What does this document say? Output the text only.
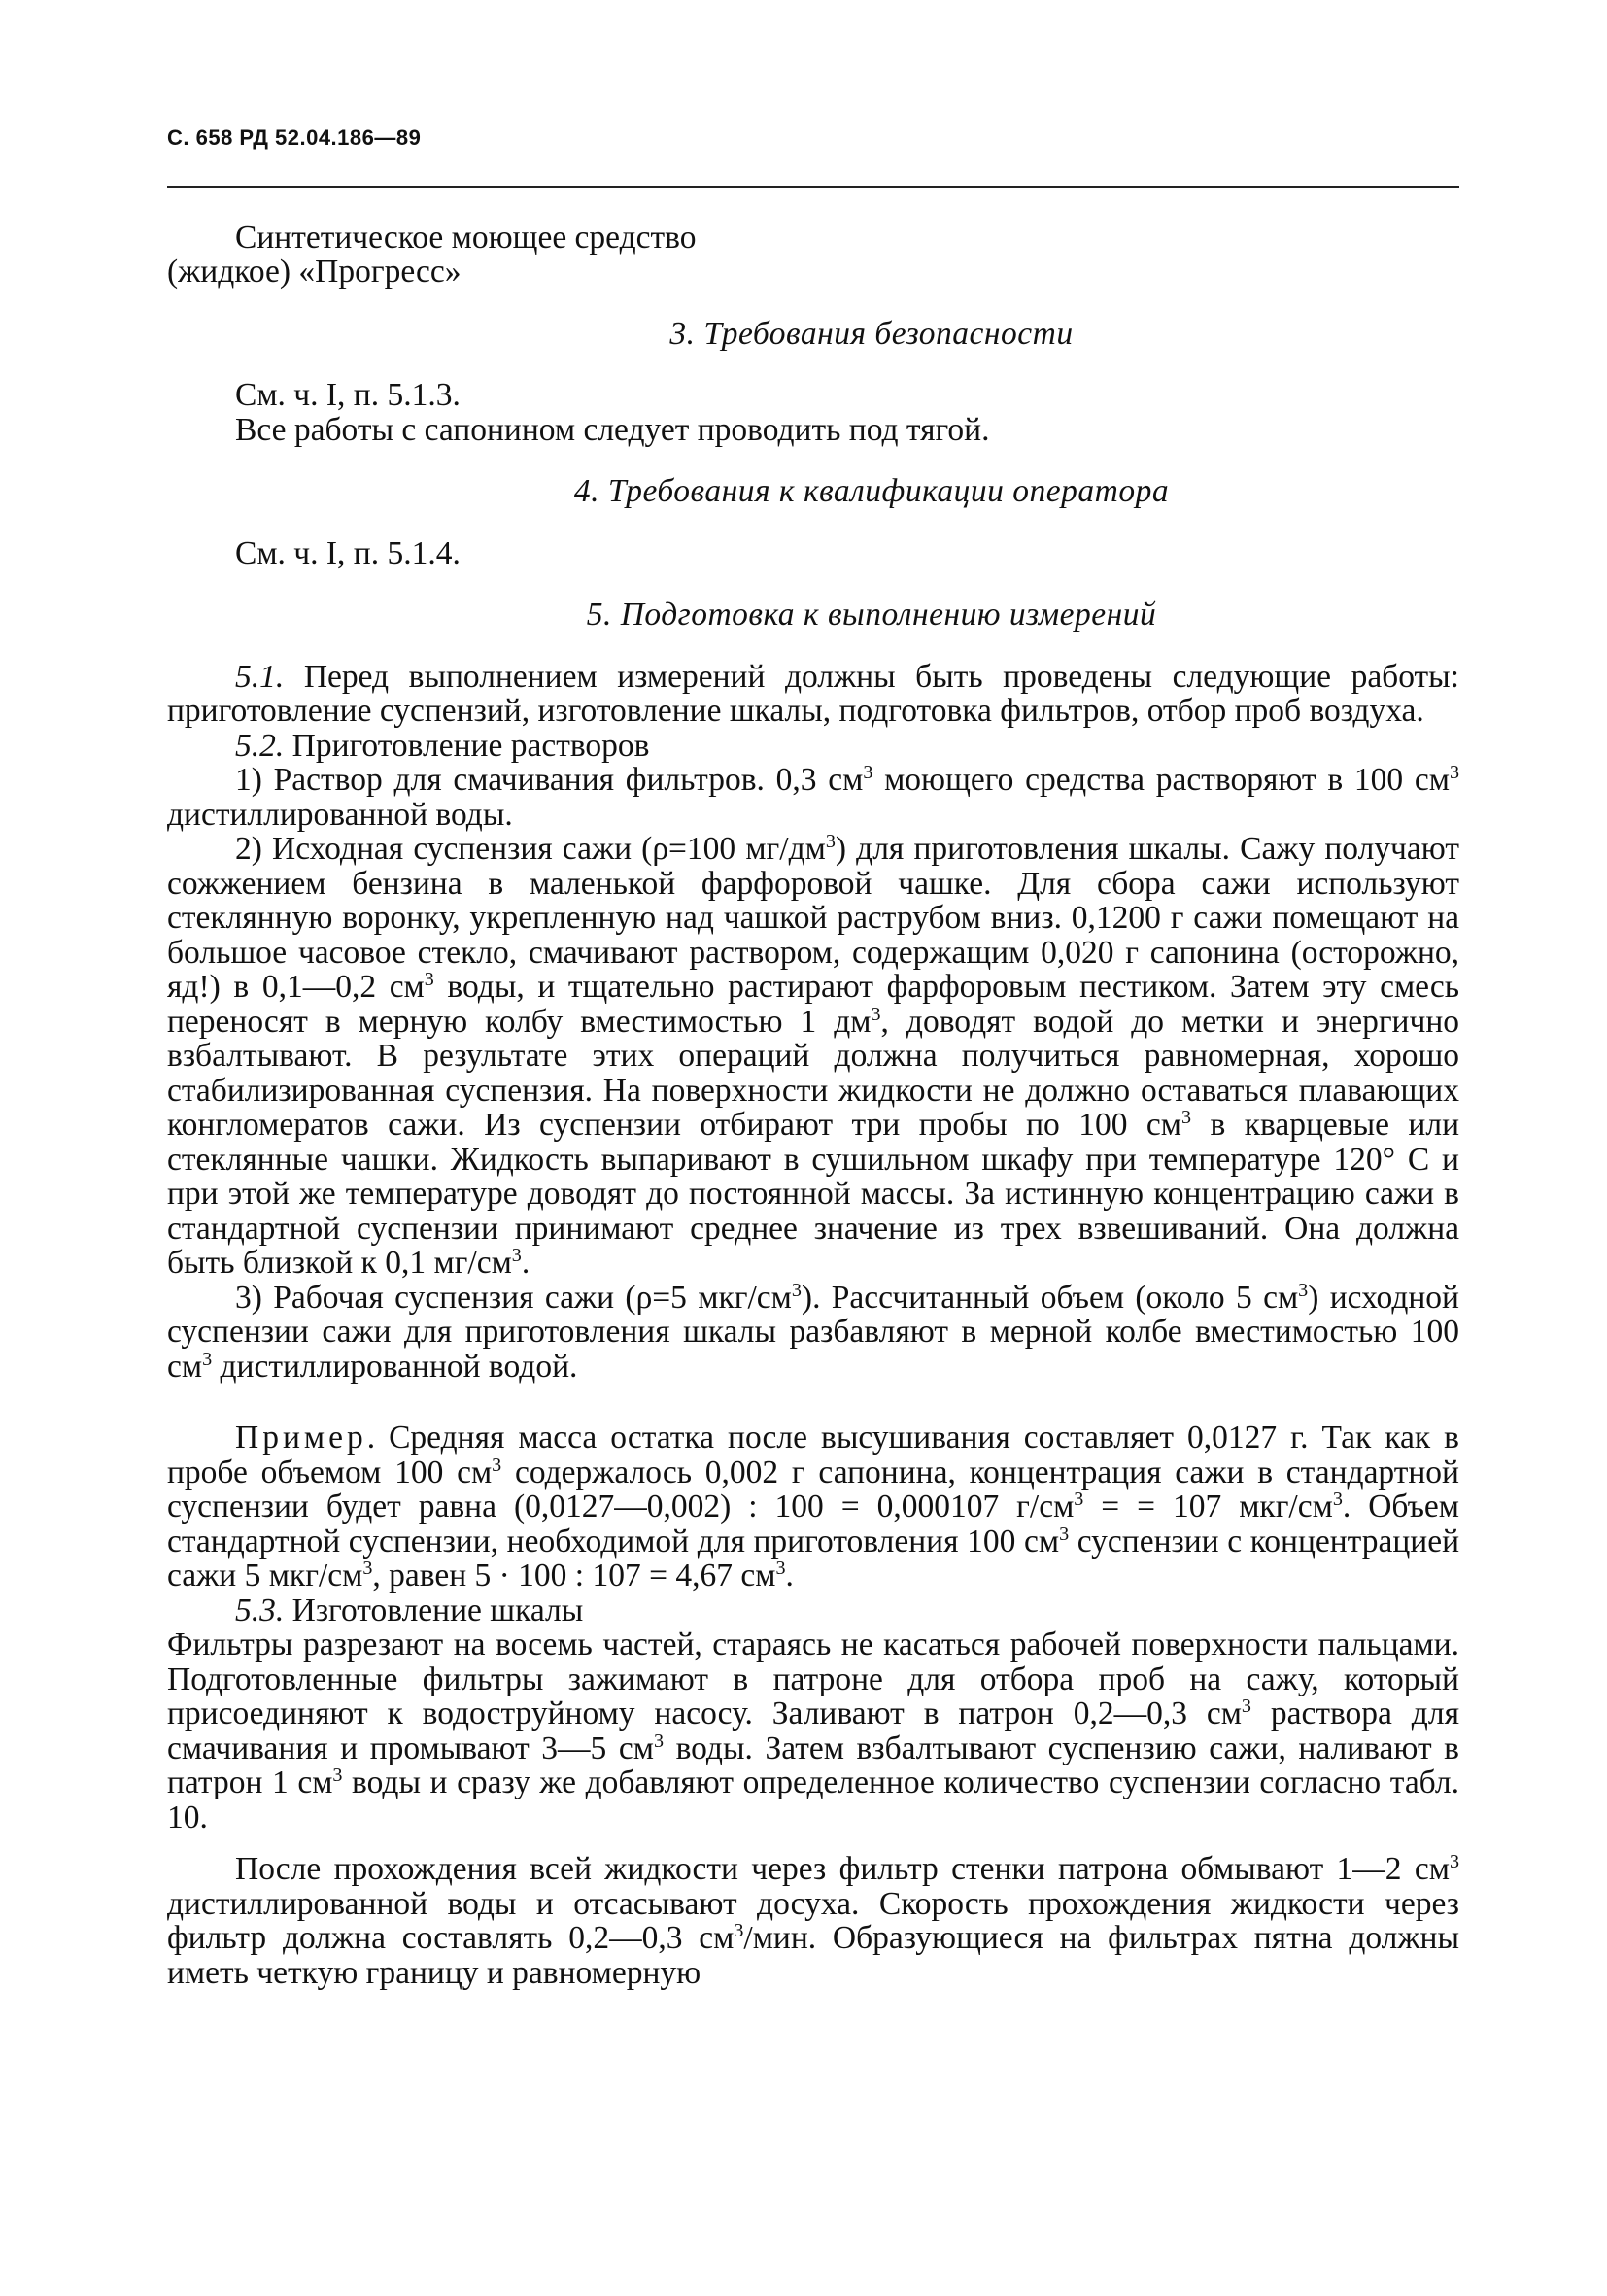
С. 658 РД 52.04.186—89
Синтетическое моющее средство
(жидкое) «Прогресс»
3. Требования безопасности
См. ч. I, п. 5.1.3.
Все работы с сапонином следует проводить под тягой.
4. Требования к квалификации оператора
См. ч. I, п. 5.1.4.
5. Подготовка к выполнению измерений

5.1. Перед выполнением измерений должны быть проведены следующие работы: приготовление суспензий, изготовление шкалы, подготовка фильтров, отбор проб воздуха.

5.2. Приготовление растворов

1) Раствор для смачивания фильтров. 0,3 $см^3$ моющего средства растворяют в 100 $см^3$ дистиллированной воды.

2) Исходная суспензия сажи (ρ=100 $мг/дм^3$) для приготовления шкалы. Сажу получают сожжением бензина в маленькой фарфоровой чашке. Для сбора сажи используют стеклянную воронку, укрепленную над чашкой раструбом вниз. 0,1200 г сажи помещают на большое часовое стекло, смачивают раствором, содержащим 0,020 г сапонина (осторожно, яд!) в 0,1—0,2 $см^3$ воды, и тщательно растирают фарфоровым пестиком. Затем эту смесь переносят в мерную колбу вместимостью 1 $дм^3$, доводят водой до метки и энергично взбалтывают. В результате этих операций должна получиться равномерная, хорошо стабилизированная суспензия. На поверхности жидкости не должно оставаться плавающих конгломератов сажи. Из суспензии отбирают три пробы по 100 $см^3$ в кварцевые или стеклянные чашки. Жидкость выпаривают в сушильном шкафу при температуре 120° С и при этой же температуре доводят до постоянной массы. За истинную концентрацию сажи в стандартной суспензии принимают среднее значение из трех взвешиваний. Она должна быть близкой к 0,1 $мг/см^3$.

3) Рабочая суспензия сажи (ρ=5 мкг/$см^3$). Рассчитанный объем (около 5 $см^3$) исходной суспензии сажи для приготовления шкалы разбавляют в мерной колбе вместимостью 100 $см^3$ дистиллированной водой.

Пример. Средняя масса остатка после высушивания составляет 0,0127 г. Так как в пробе объемом 100 $см^3$ содержалось 0,002 г сапонина, концентрация сажи в стандартной суспензии будет равна (0,0127—0,002) : 100 = 0,000107 $г/см^3$ = = 107 мкг/$см^3$. Объем стандартной суспензии, необходимой для приготовления 100 $см^3$ суспензии с концентрацией сажи 5 мкг/$см^3$, равен 5 · 100 : 107 = 4,67 $см^3$.

5.3. Изготовление шкалы

Фильтры разрезают на восемь частей, стараясь не касаться рабочей поверхности пальцами. Подготовленные фильтры зажимают в патроне для отбора проб на сажу, который присоединяют к водоструйному насосу. Заливают в патрон 0,2—0,3 $см^3$ раствора для смачивания и промывают 3—5 $см^3$ воды. Затем взбалтывают суспензию сажи, наливают в патрон 1 $см^3$ воды и сразу же добавляют определенное количество суспензии согласно табл. 10.

После прохождения всей жидкости через фильтр стенки патрона обмывают 1—2 $см^3$ дистиллированной воды и отсасывают досуха. Скорость прохождения жидкости через фильтр должна составлять 0,2—0,3 $см^3$/мин. Образующиеся на фильтрах пятна должны иметь четкую границу и равномерную
